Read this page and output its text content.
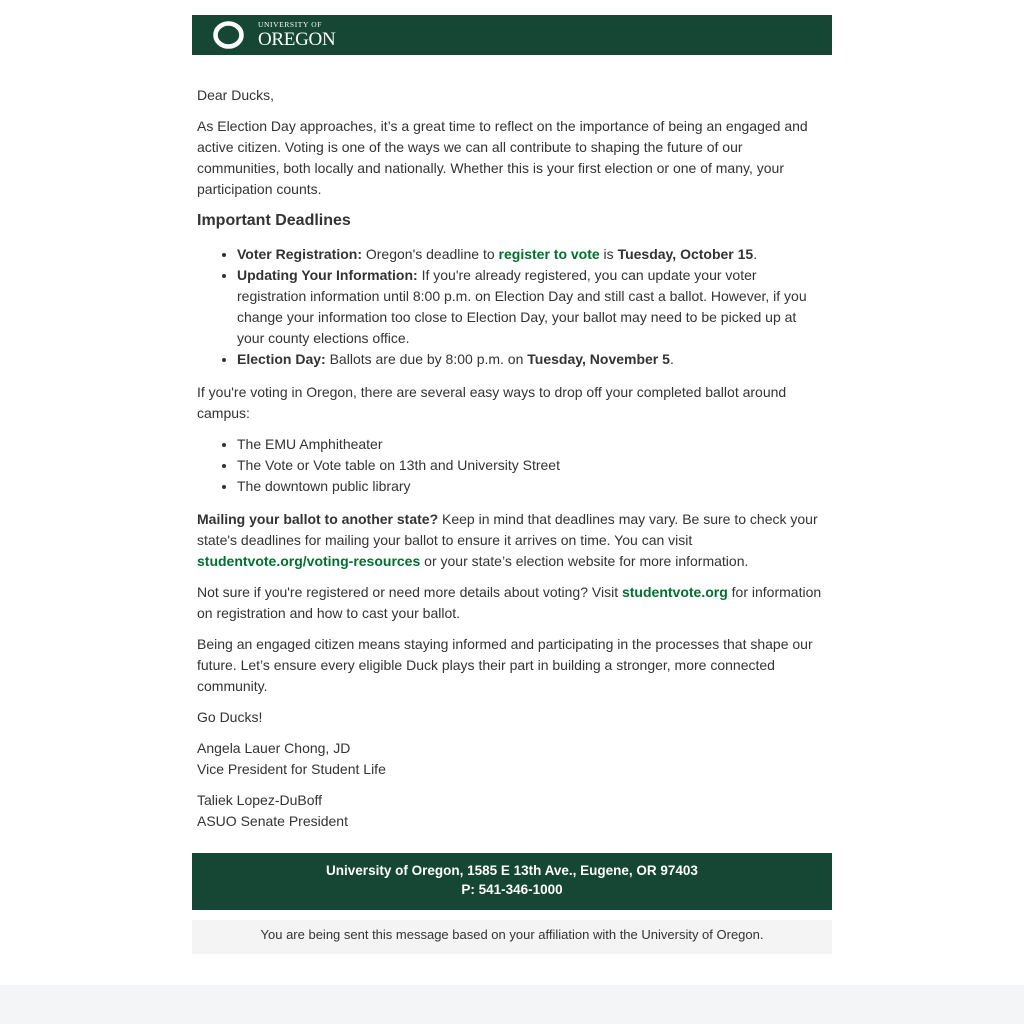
UNIVERSITY OF
OREGON

Dear Ducks,

As Election Day approaches, it’s a great time to reflect on the importance of being an engaged and active citizen. Voting is one of the ways we can all contribute to shaping the future of our communities, both locally and nationally. Whether this is your first election or one of many, your participation counts.

Important Deadlines
• Voter Registration: Oregon's deadline to register to vote is Tuesday, October 15.
• Updating Your Information: If you're already registered, you can update your voter registration information until 8:00 p.m. on Election Day and still cast a ballot. However, if you change your information too close to Election Day, your ballot may need to be picked up at your county elections office.
• Election Day: Ballots are due by 8:00 p.m. on Tuesday, November 5.

If you're voting in Oregon, there are several easy ways to drop off your completed ballot around campus:

• The EMU Amphitheater
• The Vote or Vote table on 13th and University Street
• The downtown public library

Mailing your ballot to another state? Keep in mind that deadlines may vary. Be sure to check your state's deadlines for mailing your ballot to ensure it arrives on time. You can visit studentvote.org/voting-resources or your state’s election website for more information.

Not sure if you're registered or need more details about voting? Visit studentvote.org for information on registration and how to cast your ballot.

Being an engaged citizen means staying informed and participating in the processes that shape our future. Let’s ensure every eligible Duck plays their part in building a stronger, more connected community.

Go Ducks!

Angela Lauer Chong, JD
Vice President for Student Life

Taliek Lopez-DuBoff
ASUO Senate President

University of Oregon, 1585 E 13th Ave., Eugene, OR 97403
P: 541-346-1000
You are being sent this message based on your affiliation with the University of Oregon.
